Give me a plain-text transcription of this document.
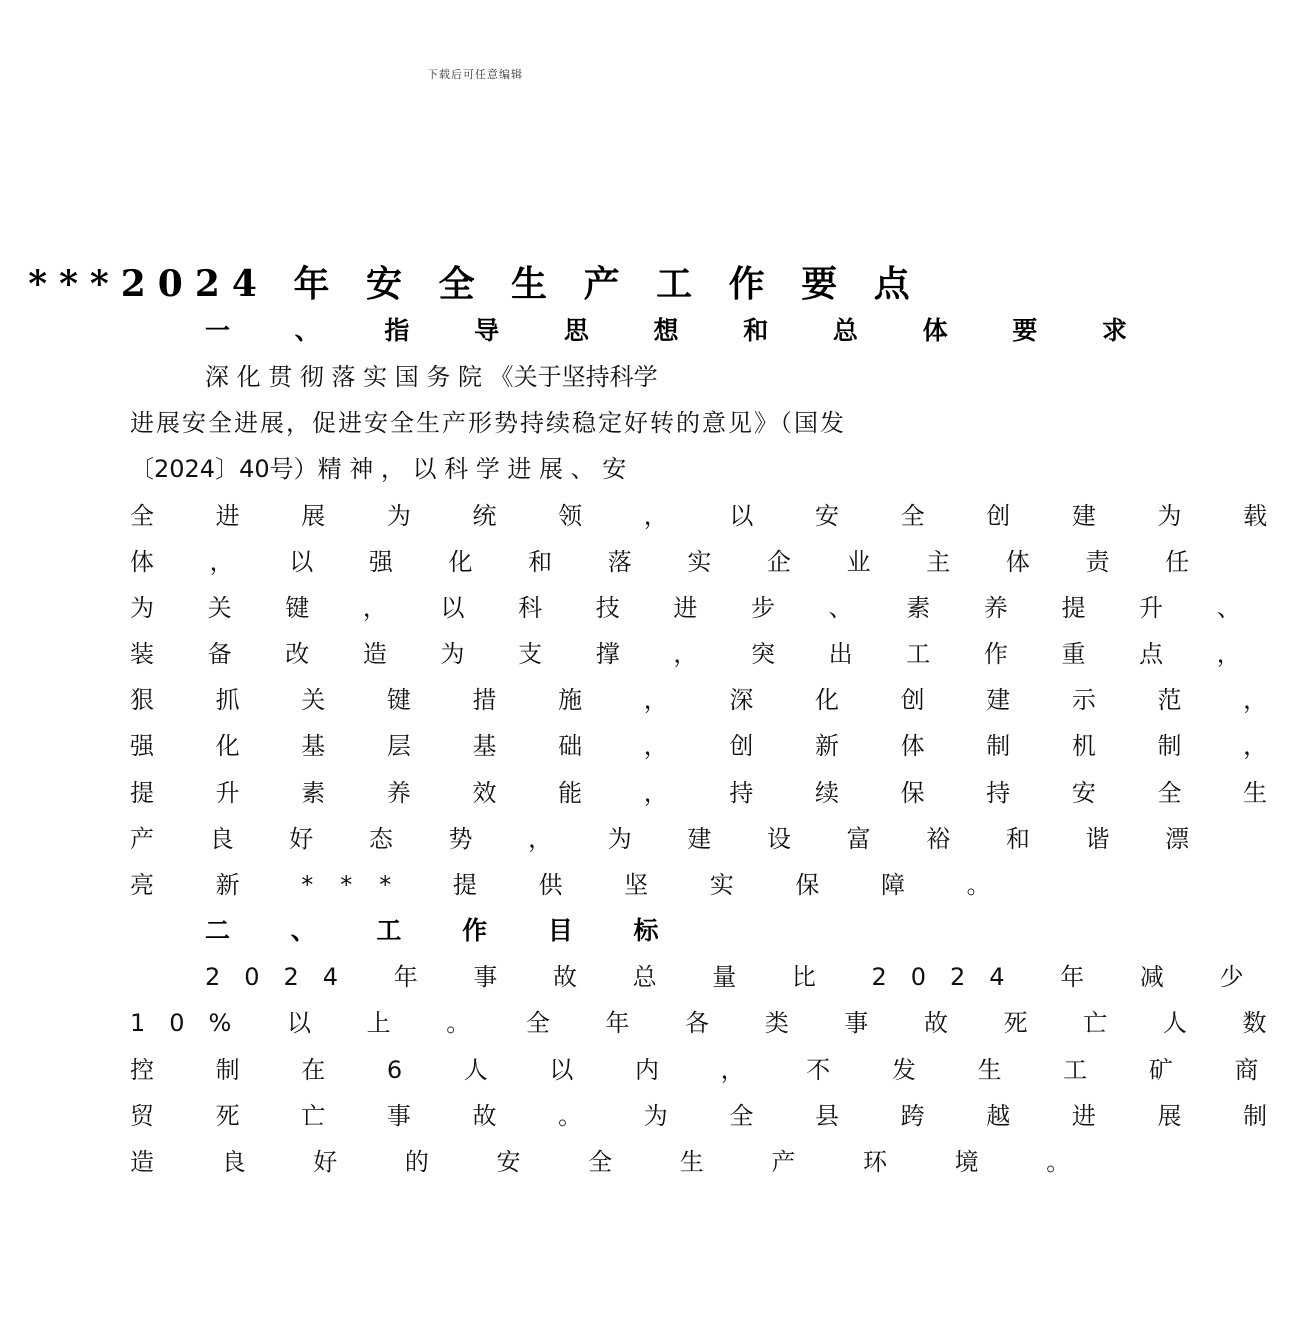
下载后可任意编辑
***2024 年 安 全 生 产 工 作 要 点
一 、 指 导 思 想 和 总 体 要 求
深 化 贯 彻 落 实 国 务 院 《关于坚持科学
进展安全进展，促进安全生产形势持续稳定好转的意见》（国发
〔2024〕40号）精 神 ， 以 科 学 进 展 、 安
全 进 展 为 统 领 ， 以 安 全 创 建 为 载
体 ， 以 强 化 和 落 实 企 业 主 体 责 任
为 关 键 ， 以 科 技 进 步 、 素 养 提 升 、
装 备 改 造 为 支 撑 ， 突 出 工 作 重 点 ，
狠 抓 关 键 措 施 ， 深 化 创 建 示 范 ，
强 化 基 层 基 础 ， 创 新 体 制 机 制 ，
提 升 素 养 效 能 ， 持 续 保 持 安 全 生
产 良 好 态 势 ， 为 建 设 富 裕 和 谐 漂
亮 新 *** 提 供 坚 实 保 障 。
二 、 工 作 目 标
2024 年 事 故 总 量 比 2024 年 减 少
10% 以 上 。 全 年 各 类 事 故 死 亡 人 数
控 制 在 6 人 以 内 ， 不 发 生 工 矿 商
贸 死 亡 事 故 。 为 全 县 跨 越 进 展 制
造 良 好 的 安 全 生 产 环 境 。
